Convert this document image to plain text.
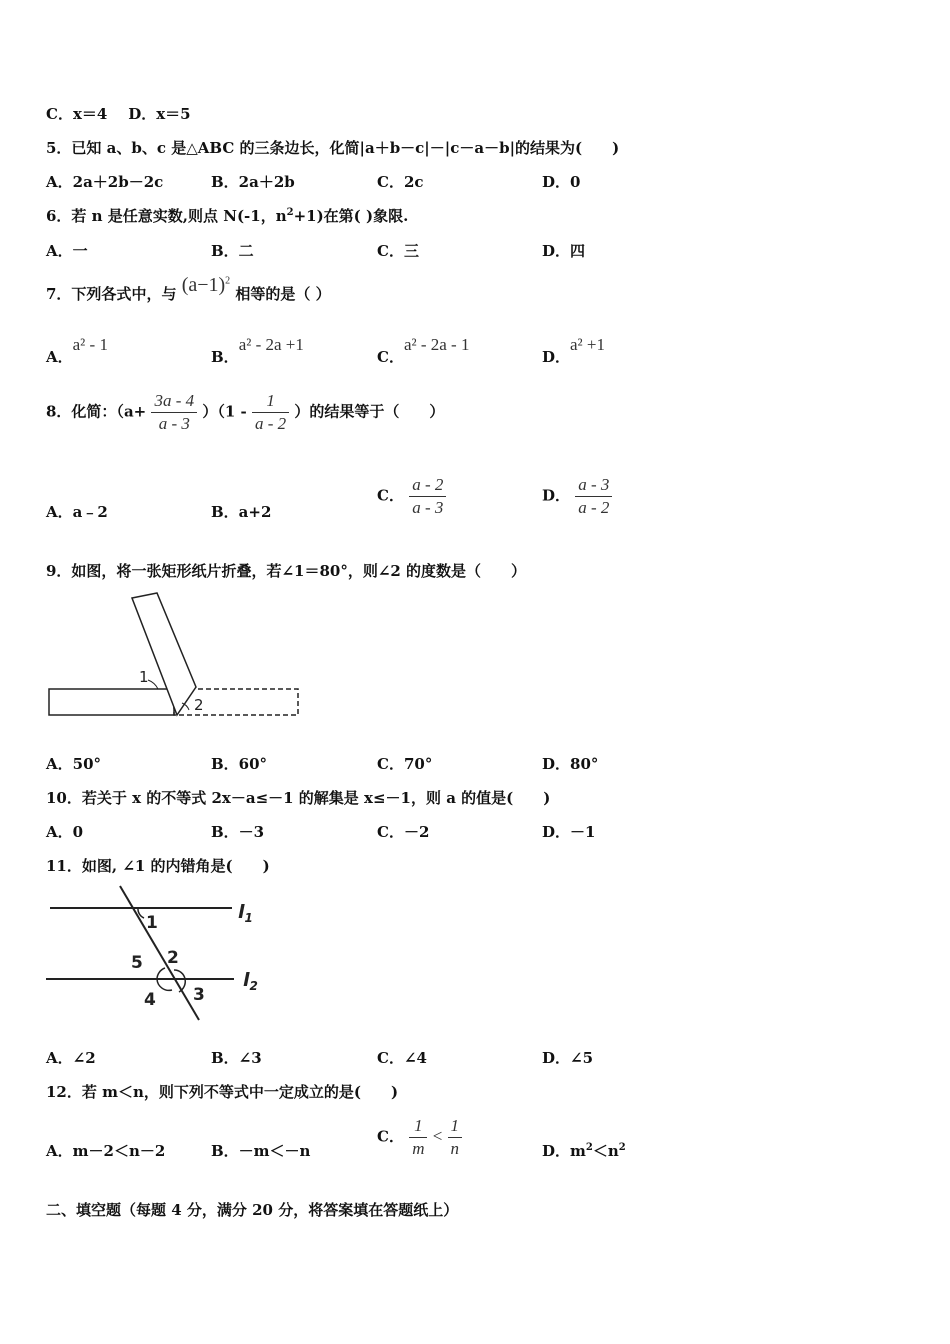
C．x＝4 D．x＝5
5．已知 a、b、c 是△ABC 的三条边长，化简|a＋b－c|－|c－a－b|的结果为(　　)
A．2a＋2b－2c	B．2a＋2b	C．2c	D．0
6．若 n 是任意实数,则点 N(-1，$n^2+1$)在第( )象限.
A．一	B．二	C．三	D．四
7．下列各式中，与 $(a-1)^2$ 相等的是（ ）
A．a² - 1
B．a² - 2a +1
C．a² - 2a - 1
D．a² +1
8．化简：$(a+ \frac{3a - 4}{a - 3} )(1 - \frac{1}{a - 2}$ ）的结果等于（　　）
A．a﹣2	B．a+2
C． $\frac{a - 2}{a - 3}$	D． $\frac{a - 3}{a - 2}$
9．如图，将一张矩形纸片折叠，若∠1＝80°，则∠2 的度数是（　　）
1
2
A．50°	B．60°	C．70°	D．80°
10．若关于 x 的不等式 2x－a≤－1 的解集是 x≤－1，则 a 的值是(　　)
A．0	B．－3	C．－2	D．－1
11．如图, ∠1 的内错角是(　　)
1
2
3
4
5
$l_1$
$l_2$
A．∠2	B．∠3	C．∠4	D．∠5
12．若 m＜n，则下列不等式中一定成立的是(　　)
A．m－2＜n－2	B．－m＜－n
C． $\frac{1}{m} < \frac{1}{n}$	D．$m^2<n^2$
二、填空题（每题 4 分，满分 20 分，将答案填在答题纸上）
